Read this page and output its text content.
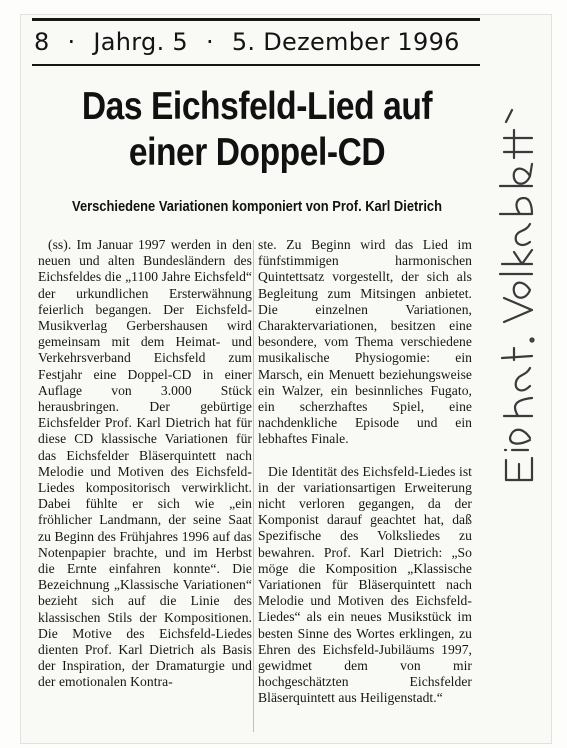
8 · Jahrg. 5 · 5. Dezember 1996
Das Eichsfeld-Lied auf
einer Doppel-CD
Verschiedene Variationen komponiert von Prof. Karl Dietrich

(ss). Im Januar 1997 werden in den neuen und alten Bundesländern des Eichsfeldes die „1100 Jahre Eichsfeld“ der urkundlichen Ersterwähnung feierlich begangen. Der Eichsfeld-Musikverlag Gerbershausen wird gemeinsam mit dem Heimat- und Verkehrsverband Eichsfeld zum Festjahr eine Doppel-CD in einer Auflage von 3.000 Stück herausbringen. Der gebürtige Eichsfelder Prof. Karl Dietrich hat für diese CD klassische Variationen für das Eichsfelder Bläserquintett nach Melodie und Motiven des Eichsfeld-Liedes kompositorisch verwirklicht. Dabei fühlte er sich wie „ein fröhlicher Landmann, der seine Saat zu Beginn des Frühjahres 1996 auf das Notenpapier brachte, und im Herbst die Ernte einfahren konnte“. Die Bezeichnung „Klassische Variationen“ bezieht sich auf die Linie des klassischen Stils der Kompositionen. Die Motive des Eichsfeld-Liedes dienten Prof. Karl Dietrich als Basis der Inspiration, der Dramaturgie und der emotionalen Kontra-

ste. Zu Beginn wird das Lied im fünfstimmigen harmonischen Quintettsatz vorgestellt, der sich als Begleitung zum Mitsingen anbietet. Die einzelnen Variationen, Charaktervariationen, besitzen eine besondere, vom Thema verschiedene musikalische Physiogomie: ein Marsch, ein Menuett beziehungsweise ein Walzer, ein besinnliches Fugato, ein scherzhaftes Spiel, eine nachdenkliche Episode und ein lebhaftes Finale.

Die Identität des Eichsfeld-Liedes ist in der variationsartigen Erweiterung nicht verloren gegangen, da der Komponist darauf geachtet hat, daß Spezifische des Volksliedes zu bewahren. Prof. Karl Dietrich: „So möge die Komposition „Klassische Variationen für Bläserquintett nach Melodie und Motiven des Eichsfeld-Liedes“ als ein neues Musikstück im besten Sinne des Wortes erklingen, zu Ehren des Eichsfeld-Jubiläums 1997, gewidmet dem von mir hochgeschätzten Eichsfelder Bläserquintett aus Heiligenstadt.“
